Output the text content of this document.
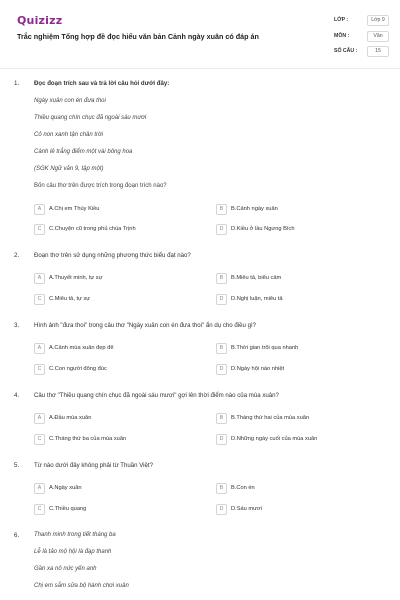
Quizizz
Trắc nghiệm Tổng hợp đề đọc hiểu văn bản Cảnh ngày xuân có đáp án
LỚP :	Lớp 9
MÔN :	Văn
SỐ CÂU :	15
1. Đọc đoạn trích sau và trả lời câu hỏi dưới đây:
Ngày xuân con én đưa thoi
Thiều quang chín chục đã ngoài sáu mươi
Cỏ non xanh tận chân trời
Cành lê trắng điểm một vài bông hoa
(SGK Ngữ văn 9, tập một)
Bốn câu thơ trên được trích trong đoạn trích nào?
A	A.Chị em Thúy Kiều	B	B.Cảnh ngày xuân
C	C.Chuyện cũ trong phủ chúa Trịnh	D	D.Kiều ở lầu Ngưng Bích
2. Đoạn thơ trên sử dụng những phương thức biểu đạt nào?
A	A.Thuyết minh, tự sự	B	B.Miêu tả, biểu cảm
C	C.Miêu tả, tự sự	D	D.Nghị luận, miêu tả
3. Hình ảnh "đưa thoi" trong câu thơ "Ngày xuân con én đưa thoi" ẩn dụ cho điều gì?
A	A.Cảnh mùa xuân đẹp đẽ	B	B.Thời gian trôi qua nhanh
C	C.Con người đông đúc	D	D.Ngày hội náo nhiệt
4. Câu thơ "Thiều quang chín chục đã ngoài sáu mươi" gợi lên thời điểm nào của mùa xuân?
A	A.Đầu mùa xuân	B	B.Tháng thứ hai của mùa xuân
C	C.Tháng thứ ba của mùa xuân	D	D.Những ngày cuối của mùa xuân
5. Từ nào dưới đây không phải từ Thuần Việt?
A	A.Ngày xuân	B	B.Con én
C	C.Thiều quang	D	D.Sáu mươi
6. Thanh minh trong tiết tháng ba
Lễ là tảo mộ hội là đạp thanh
Gần xa nô nức yến anh
Chị em sắm sửa bộ hành chơi xuân
